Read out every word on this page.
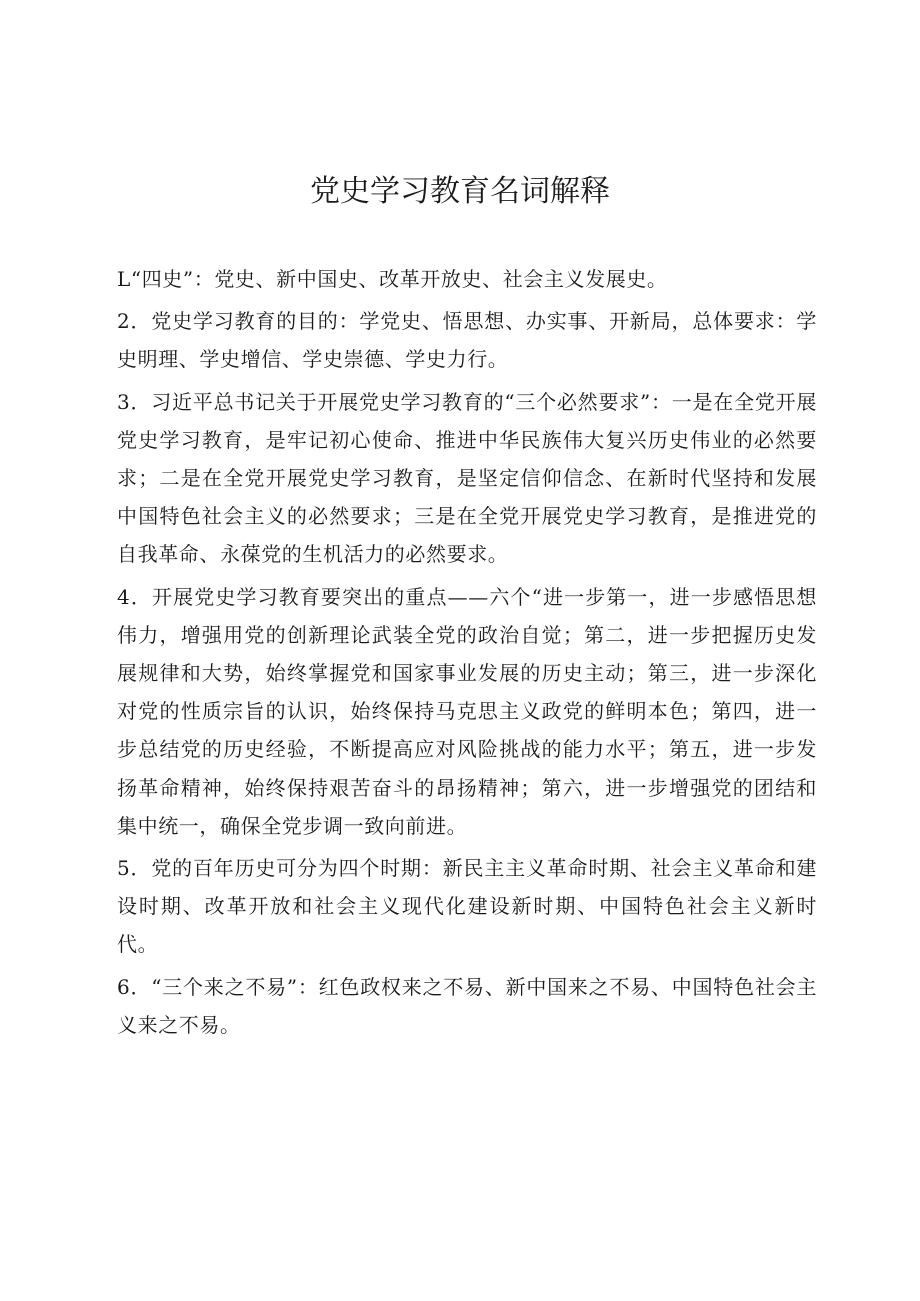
党史学习教育名词解释

L“四史”：党史、新中国史、改革开放史、社会主义发展史。

2．党史学习教育的目的：学党史、悟思想、办实事、开新局，总体要求：学史明理、学史增信、学史崇德、学史力行。

3．习近平总书记关于开展党史学习教育的“三个必然要求”：一是在全党开展党史学习教育，是牢记初心使命、推进中华民族伟大复兴历史伟业的必然要求；二是在全党开展党史学习教育，是坚定信仰信念、在新时代坚持和发展中国特色社会主义的必然要求；三是在全党开展党史学习教育，是推进党的自我革命、永葆党的生机活力的必然要求。

4．开展党史学习教育要突出的重点——六个“进一步第一，进一步感悟思想伟力，增强用党的创新理论武装全党的政治自觉；第二，进一步把握历史发展规律和大势，始终掌握党和国家事业发展的历史主动；第三，进一步深化对党的性质宗旨的认识，始终保持马克思主义政党的鲜明本色；第四，进一步总结党的历史经验，不断提高应对风险挑战的能力水平；第五，进一步发扬革命精神，始终保持艰苦奋斗的昂扬精神；第六，进一步增强党的团结和集中统一，确保全党步调一致向前进。

5．党的百年历史可分为四个时期：新民主主义革命时期、社会主义革命和建设时期、改革开放和社会主义现代化建设新时期、中国特色社会主义新时代。

6．“三个来之不易”：红色政权来之不易、新中国来之不易、中国特色社会主义来之不易。
